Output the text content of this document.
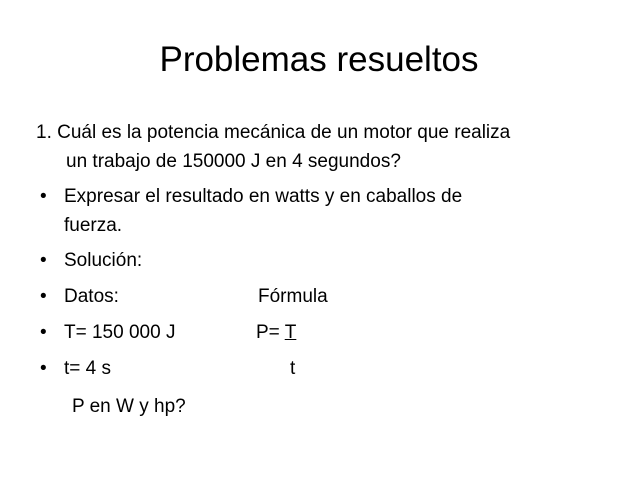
Problemas resueltos
1. Cuál es la potencia mecánica de un motor que realiza
un trabajo de 150000 J en 4 segundos?
• Expresar el resultado en watts y en caballos de
fuerza.
• Solución:
• Datos:	Fórmula
• T= 150 000 J	P= T
• t= 4 s	t
P en W y hp?
